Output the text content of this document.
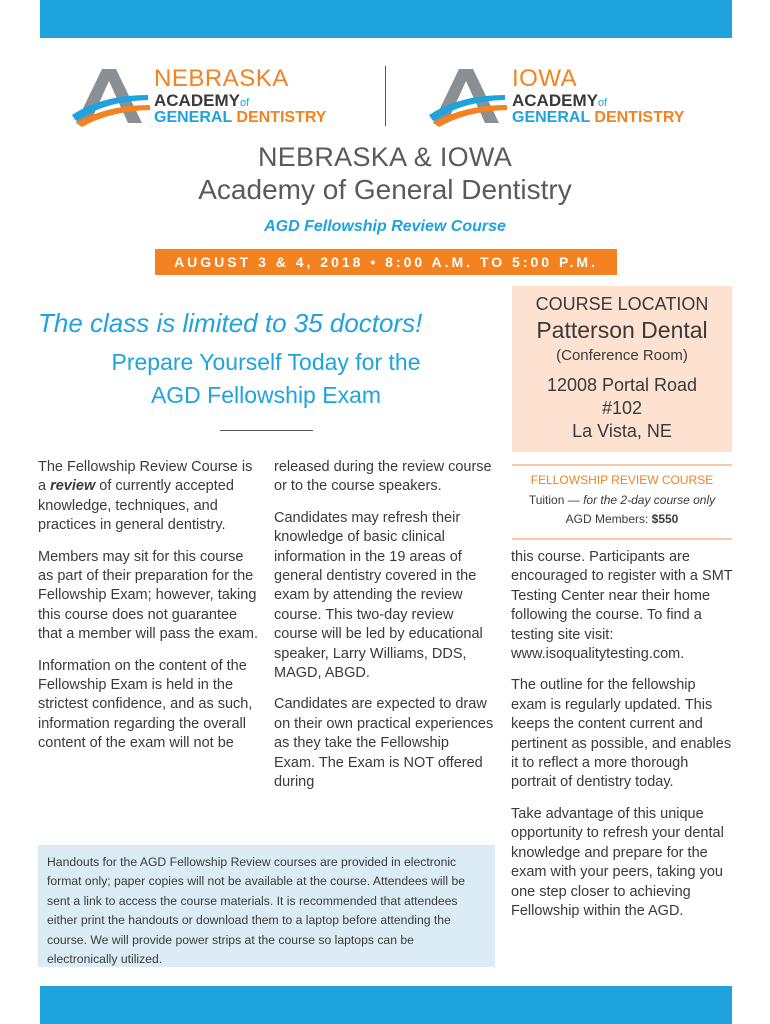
NEBRASKA
ACADEMYof
GENERAL DENTISTRY
IOWA
ACADEMYof
GENERAL DENTISTRY
NEBRASKA & IOWA
Academy of General Dentistry
AGD Fellowship Review Course
AUGUST 3 & 4, 2018 • 8:00 A.M. TO 5:00 P.M.
The class is limited to 35 doctors!
Prepare Yourself Today for the
AGD Fellowship Exam
COURSE LOCATION
Patterson Dental
(Conference Room)
12008 Portal Road
#102
La Vista, NE
FELLOWSHIP REVIEW COURSE
Tuition — for the 2-day course only
AGD Members: $550

The Fellowship Review Course is a review of currently accepted knowledge, techniques, and practices in general dentistry.

Members may sit for this course as part of their preparation for the Fellowship Exam; however, taking this course does not guarantee that a member will pass the exam.

Information on the content of the Fellowship Exam is held in the strictest confidence, and as such, information regarding the overall content of the exam will not be

released during the review course or to the course speakers.

Candidates may refresh their knowledge of basic clinical information in the 19 areas of general dentistry covered in the exam by attending the review course. This two-day review course will be led by educational speaker, Larry Williams, DDS, MAGD, ABGD.

Candidates are expected to draw on their own practical experiences as they take the Fellowship Exam. The Exam is NOT offered during

this course. Participants are encouraged to register with a SMT Testing Center near their home following the course. To find a testing site visit: www.isoqualitytesting.com.

The outline for the fellowship exam is regularly updated. This keeps the content current and pertinent as possible, and enables it to reflect a more thorough portrait of dentistry today.

Take advantage of this unique opportunity to refresh your dental knowledge and prepare for the exam with your peers, taking you one step closer to achieving Fellowship within the AGD.

Handouts for the AGD Fellowship Review courses are provided in electronic format only; paper copies will not be available at the course. Attendees will be sent a link to access the course materials. It is recommended that attendees either print the handouts or download them to a laptop before attending the course. We will provide power strips at the course so laptops can be electronically utilized.
